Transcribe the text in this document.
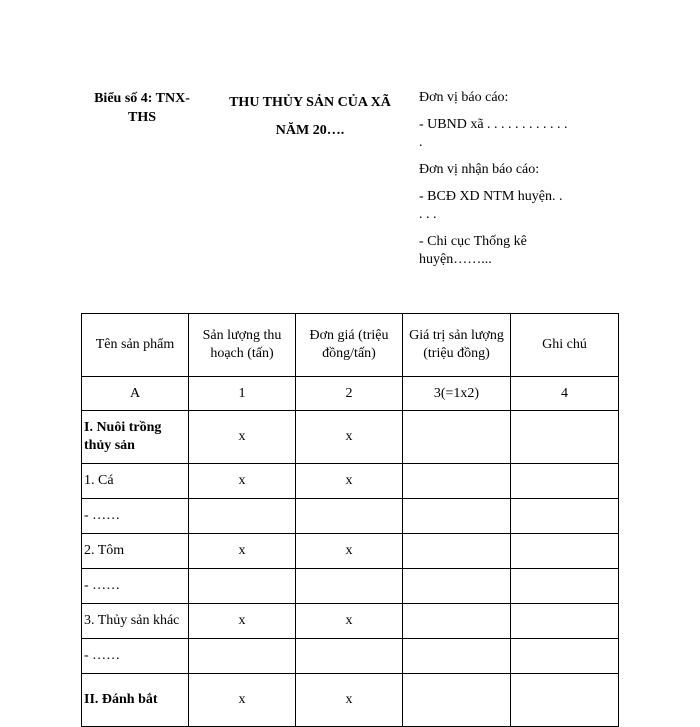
Biểu số 4: TNX-THS
THU THỦY SẢN CỦA XÃ
NĂM 20….

Đơn vị báo cáo:

- UBND xã . . . . . . . . . . . . .

Đơn vị nhận báo cáo:

- BCĐ XD NTM huyện. . . . .

- Chi cục Thống kê huyện……...

Tên sản phẩm	Sản lượng thu hoạch (tấn)	Đơn giá (triệu đồng/tấn)	Giá trị sản lượng (triệu đồng)	Ghi chú
A	1	2	3(=1x2)	4
I. Nuôi trồng thủy sản	x	x		
1. Cá	x	x		
- ……				
2. Tôm	x	x		
- ……				
3. Thủy sản khác	x	x		
- ……				
II. Đánh bắt	x	x		
